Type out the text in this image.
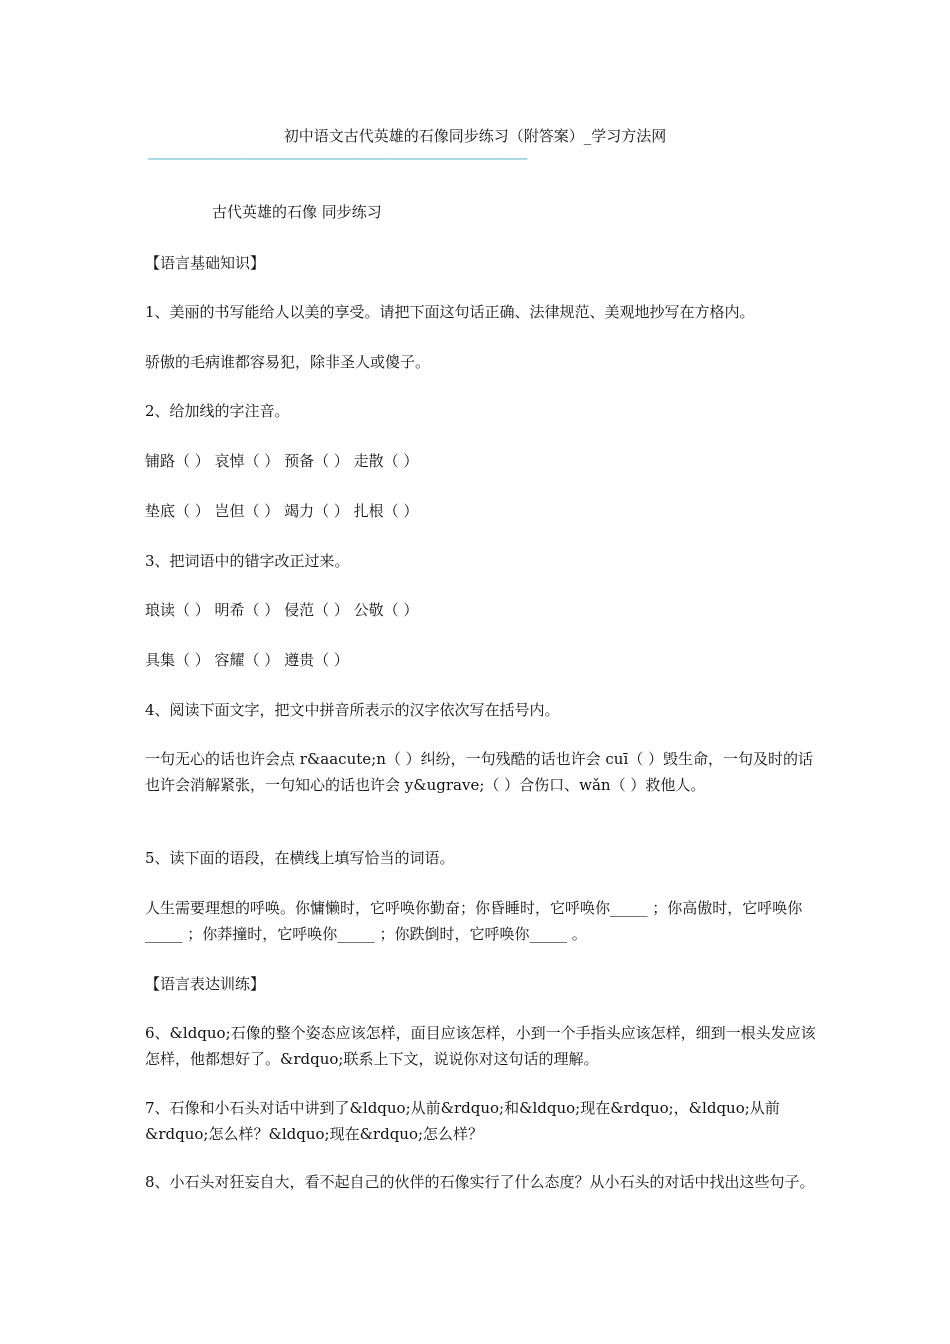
初中语文古代英雄的石像同步练习（附答案）_学习方法网
——————————————————————————————————————————
古代英雄的石像 同步练习
【语言基础知识】
1、美丽的书写能给人以美的享受。请把下面这句话正确、法律规范、美观地抄写在方格内。
骄傲的毛病谁都容易犯，除非圣人或傻子。
2、给加线的字注音。
铺路（ ） 哀悼（ ） 预备（ ） 走散（ ）
垫底（ ） 岂但（ ） 竭力（ ） 扎根（ ）
3、把词语中的错字改正过来。
琅读（ ） 明希（ ） 侵范（ ） 公敬（ ）
具集（ ） 容耀（ ） 遵贵（ ）
4、阅读下面文字，把文中拼音所表示的汉字依次写在括号内。
一句无心的话也许会点 r&aacute;n（ ）纠纷，一句残酷的话也许会 cuī（ ）毁生命，一句及时的话也许会消解紧张，一句知心的话也许会 y&ugrave;（ ）合伤口、wǎn（ ）救他人。
5、读下面的语段，在横线上填写恰当的词语。
人生需要理想的呼唤。你慵懒时，它呼唤你勤奋；你昏睡时，它呼唤你_____ ；你高傲时，它呼唤你_____ ；你莽撞时，它呼唤你_____ ；你跌倒时，它呼唤你_____ 。
【语言表达训练】
6、&ldquo;石像的整个姿态应该怎样，面目应该怎样，小到一个手指头应该怎样，细到一根头发应该怎样，他都想好了。&rdquo;联系上下文，说说你对这句话的理解。
7、石像和小石头对话中讲到了&ldquo;从前&rdquo;和&ldquo;现在&rdquo;，&ldquo;从前&rdquo;怎么样？&ldquo;现在&rdquo;怎么样？
8、小石头对狂妄自大，看不起自己的伙伴的石像实行了什么态度？从小石头的对话中找出这些句子。
